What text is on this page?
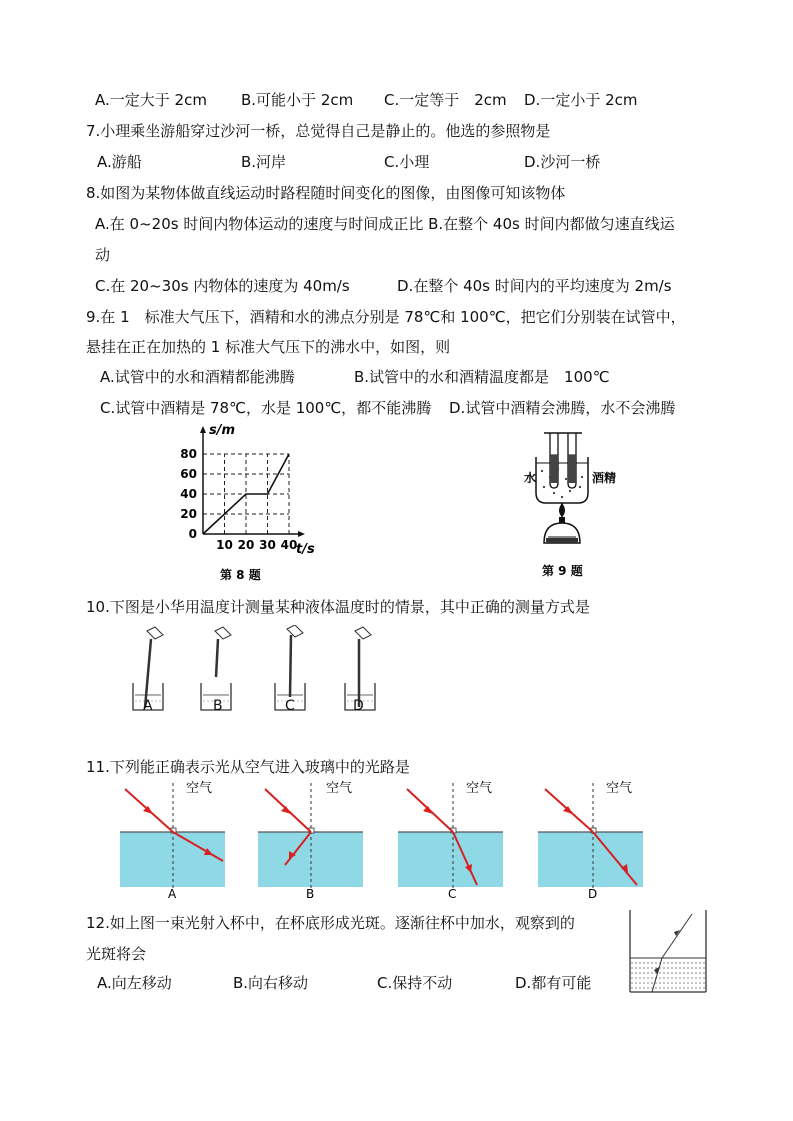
A.一定大于 2cm B.可能小于 2cm C.一定等于　2cm D.一定小于 2cm
7.小理乘坐游船穿过沙河一桥，总觉得自己是静止的。他选的参照物是
A.游船	B.河岸	C.小理	D.沙河一桥
8.如图为某物体做直线运动时路程随时间变化的图像，由图像可知该物体
A.在 0~20s 时间内物体运动的速度与时间成正比 B.在整个 40s 时间内都做匀速直线运
动
C.在 20~30s 内物体的速度为 40m/s	D.在整个 40s 时间内的平均速度为 2m/s
9.在 1　标准大气压下，酒精和水的沸点分别是 78℃和 100℃，把它们分别装在试管中，
悬挂在正在加热的 1 标准大气压下的沸水中，如图，则
A.试管中的水和酒精都能沸腾	B.试管中的水和酒精温度都是　100℃
C.试管中酒精是 78℃，水是 100℃，都不能沸腾 D.试管中酒精会沸腾，水不会沸腾
0
20
40
60
80
10 20 30 40
s/m
t/s
第 8 题
水	酒精
第 9 题
10.下图是小华用温度计测量某种液体温度时的情景，其中正确的测量方式是
A	B	C	D
11.下列能正确表示光从空气进入玻璃中的光路是
空气	空气	空气	空气
A	B	C	D
12.如上图一束光射入杯中，在杯底形成光斑。逐渐往杯中加水，观察到的
光斑将会
A.向左移动	B.向右移动	C.保持不动	D.都有可能
